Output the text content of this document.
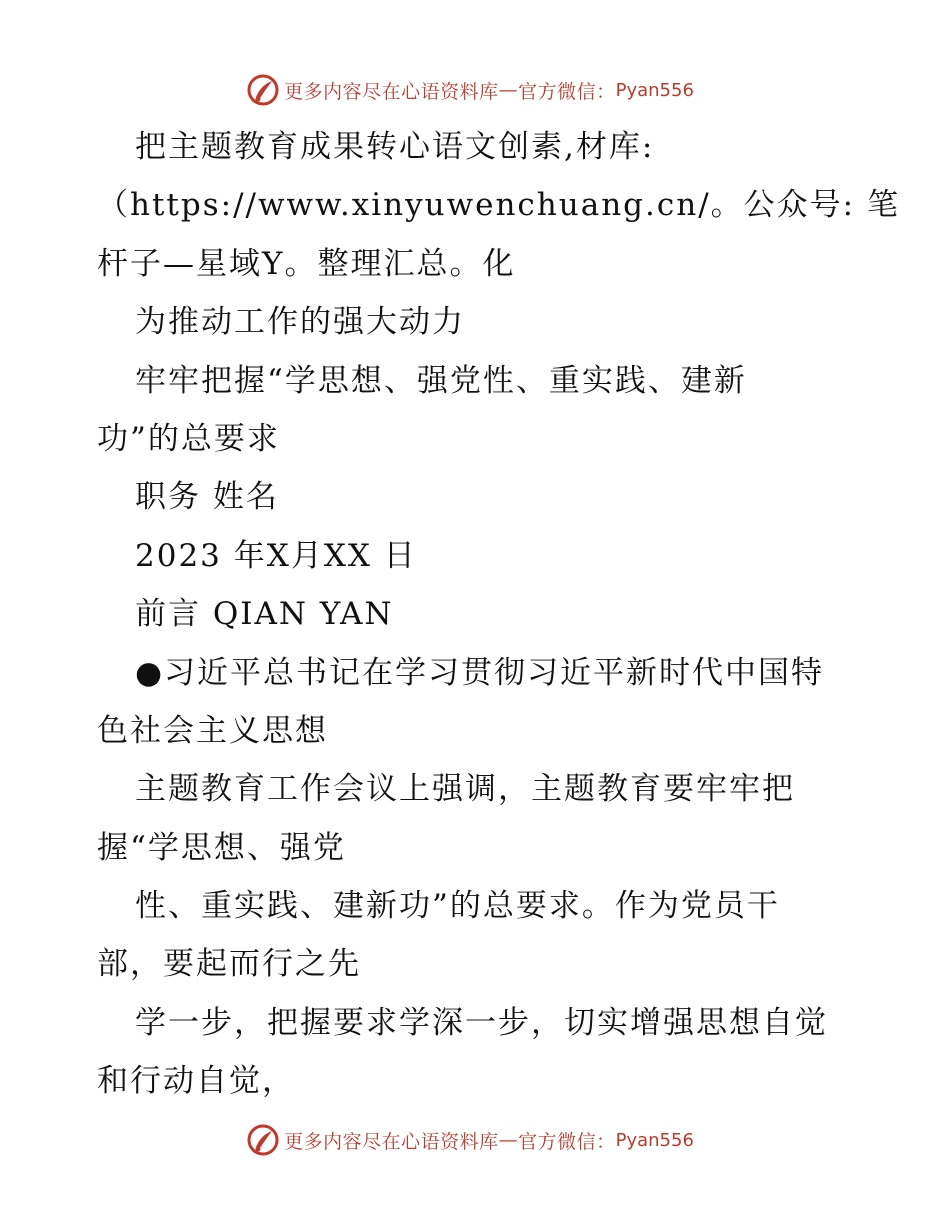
更多内容尽在心语资料库 — 官方微信： Pyan556
把主题教育成果转心语文创素,材库:
（https://www.xinyuwenchuang.cn/。公众号: 笔
杆子—星域Y。整理汇总。化
为推动工作的强大动力
牢牢把握“学思想、强党性、重实践、建新
功”的总要求
职务 姓名
2023 年X月XX 日
前言 QIAN YAN
●习近平总书记在学习贯彻习近平新时代中国特
色社会主义思想
主题教育工作会议上强调，主题教育要牢牢把
握“学思想、强党
性、重实践、建新功”的总要求。作为党员干
部，要起而行之先
学一步，把握要求学深一步，切实增强思想自觉
和行动自觉，
更多内容尽在心语资料库 — 官方微信： Pyan556
